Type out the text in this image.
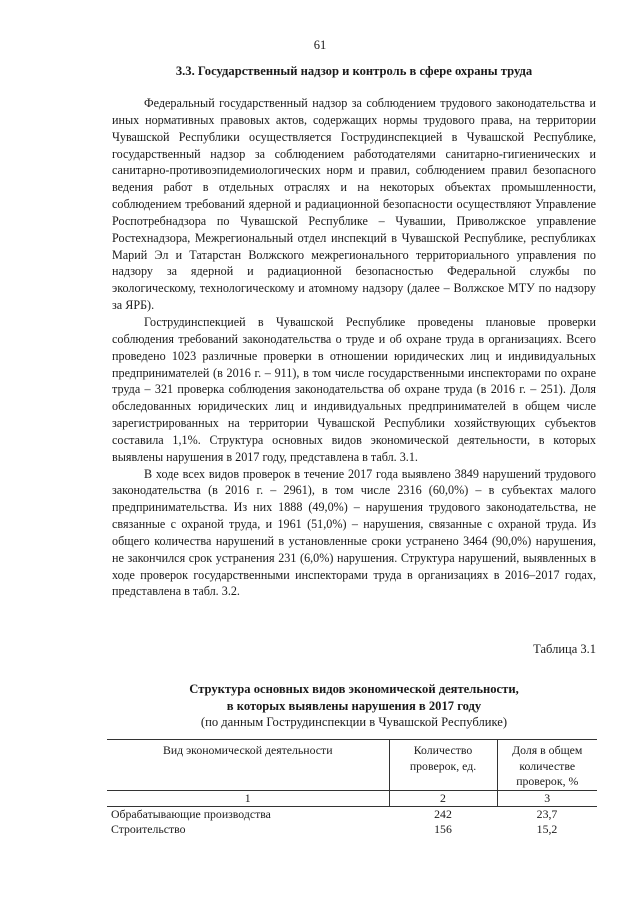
61
3.3. Государственный надзор и контроль в сфере охраны труда

Федеральный государственный надзор за соблюдением трудового законодательства и иных нормативных правовых актов, содержащих нормы трудового права, на территории Чувашской Республики осуществляется Гострудинспекцией в Чувашской Республике, государственный надзор за соблюдением работодателями санитарно-гигиенических и санитарно-противоэпидемиологических норм и правил, соблюдением правил безопасного ведения работ в отдельных отраслях и на некоторых объектах промышленности, соблюдением требований ядерной и радиационной безопасности осуществляют Управление Роспотребнадзора по Чувашской Республике – Чувашии, Приволжское управление Ростехнадзора, Межрегиональный отдел инспекций в Чувашской Республике, республиках Марий Эл и Татарстан Волжского межрегионального территориального управления по надзору за ядерной и радиационной безопасностью Федеральной службы по экологическому, технологическому и атомному надзору (далее – Волжское МТУ по надзору за ЯРБ).

Гострудинспекцией в Чувашской Республике проведены плановые проверки соблюдения требований законодательства о труде и об охране труда в организациях. Всего проведено 1023 различные проверки в отношении юридических лиц и индивидуальных предпринимателей (в 2016 г. – 911), в том числе государственными инспекторами по охране труда – 321 проверка соблюдения законодательства об охране труда (в 2016 г. – 251). Доля обследованных юридических лиц и индивидуальных предпринимателей в общем числе зарегистрированных на территории Чувашской Республики хозяйствующих субъектов составила 1,1%. Структура основных видов экономической деятельности, в которых выявлены нарушения в 2017 году, представлена в табл. 3.1.

В ходе всех видов проверок в течение 2017 года выявлено 3849 нарушений трудового законодательства (в 2016 г. – 2961), в том числе 2316 (60,0%) – в субъектах малого предпринимательства. Из них 1888 (49,0%) – нарушения трудового законодательства, не связанные с охраной труда, и 1961 (51,0%) – нарушения, связанные с охраной труда. Из общего количества нарушений в установленные сроки устранено 3464 (90,0%) нарушения, не закончился срок устранения 231 (6,0%) нарушения. Структура нарушений, выявленных в ходе проверок государственными инспекторами труда в организациях в 2016–2017 годах, представлена в табл. 3.2.

Таблица 3.1
Структура основных видов экономической деятельности,
в которых выявлены нарушения в 2017 году
(по данным Гострудинспекции в Чувашской Республике)
Вид экономической деятельности	Количество проверок, ед.	Доля в общем количестве проверок, %
1	2	3
Обрабатывающие производства	242	23,7
Строительство	156	15,2
